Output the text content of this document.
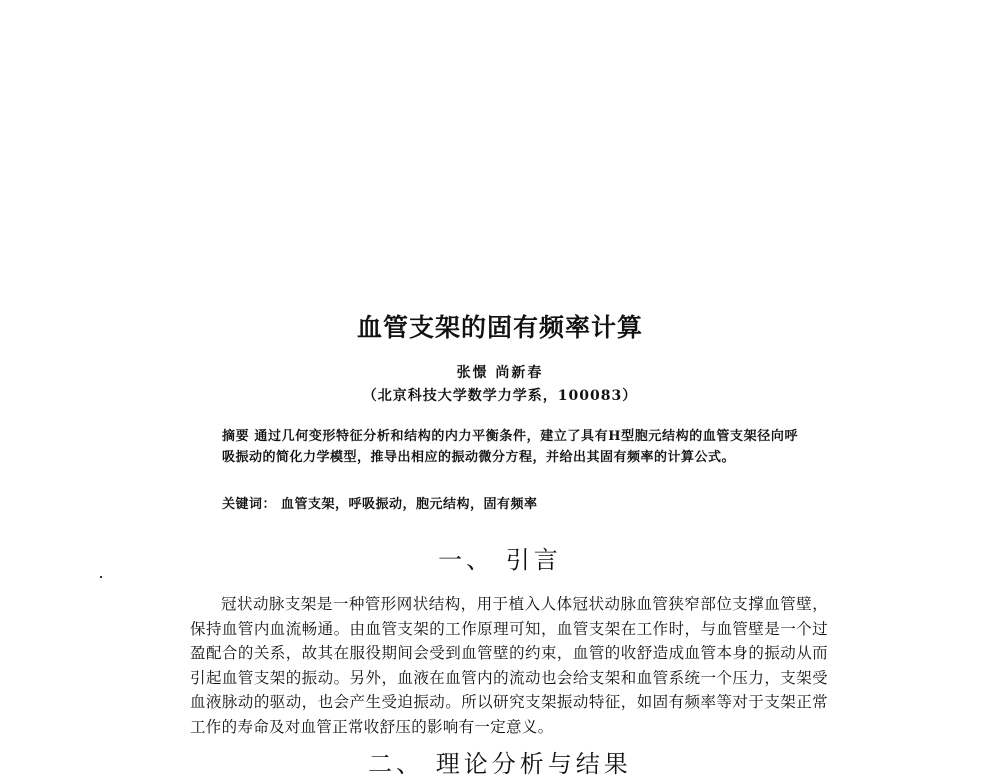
血管支架的固有频率计算
张憬 尚新春
（北京科技大学数学力学系，100083）
摘要 通过几何变形特征分析和结构的内力平衡条件，建立了具有H型胞元结构的血管支架径向呼吸振动的简化力学模型，推导出相应的振动微分方程，并给出其固有频率的计算公式。
关键词： 血管支架，呼吸振动，胞元结构，固有频率
一、 引言
冠状动脉支架是一种管形网状结构，用于植入人体冠状动脉血管狭窄部位支撑血管壁，保持血管内血流畅通。由血管支架的工作原理可知，血管支架在工作时，与血管壁是一个过盈配合的关系，故其在服役期间会受到血管壁的约束，血管的收舒造成血管本身的振动从而引起血管支架的振动。另外，血液在血管内的流动也会给支架和血管系统一个压力，支架受血液脉动的驱动，也会产生受迫振动。所以研究支架振动特征，如固有频率等对于支架正常工作的寿命及对血管正常收舒压的影响有一定意义。
二、 理论分析与结果
